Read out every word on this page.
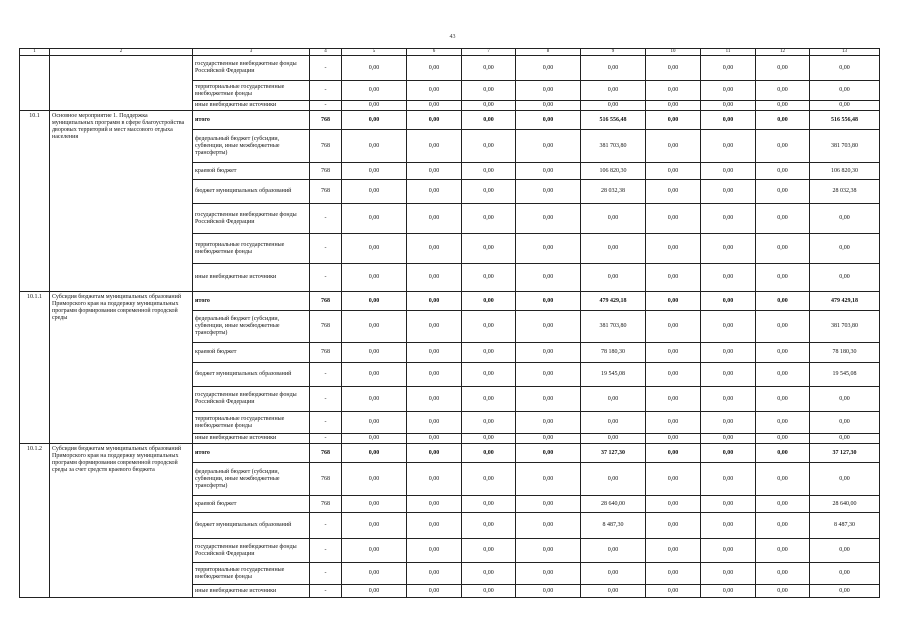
43
1	2	3	4	5	6	7	8	9	10	11	12	13
		государственные внебюджетные фонды Российской Федерации	-	0,00	0,00	0,00	0,00	0,00	0,00	0,00	0,00	0,00
		территориальные государственные внебюджетные фонды	-	0,00	0,00	0,00	0,00	0,00	0,00	0,00	0,00	0,00
		иные внебюджетные источники	-	0,00	0,00	0,00	0,00	0,00	0,00	0,00	0,00	0,00
10.1	Основное мероприятие 1. Поддержка муниципальных программ в сфере благоустройства дворовых территорий и мест массового отдыха населения	итого	768	0,00	0,00	0,00	0,00	516 556,48	0,00	0,00	0,00	516 556,48
		федеральный бюджет (субсидии, субвенции, иные межбюджетные трансферты)	768	0,00	0,00	0,00	0,00	381 703,80	0,00	0,00	0,00	381 703,80
		краевой бюджет	768	0,00	0,00	0,00	0,00	106 820,30	0,00	0,00	0,00	106 820,30
		бюджет муниципальных образований	768	0,00	0,00	0,00	0,00	28 032,38	0,00	0,00	0,00	28 032,38
		государственные внебюджетные фонды Российской Федерации	-	0,00	0,00	0,00	0,00	0,00	0,00	0,00	0,00	0,00
		территориальные государственные внебюджетные фонды	-	0,00	0,00	0,00	0,00	0,00	0,00	0,00	0,00	0,00
		иные внебюджетные источники	-	0,00	0,00	0,00	0,00	0,00	0,00	0,00	0,00	0,00
10.1.1	Субсидия бюджетам муниципальных образований Приморского края на поддержку муниципальных программ формирования современной городской среды	итого	768	0,00	0,00	0,00	0,00	479 429,18	0,00	0,00	0,00	479 429,18
		федеральный бюджет (субсидии, субвенции, иные межбюджетные трансферты)	768	0,00	0,00	0,00	0,00	381 703,80	0,00	0,00	0,00	381 703,80
		краевой бюджет	768	0,00	0,00	0,00	0,00	78 180,30	0,00	0,00	0,00	78 180,30
		бюджет муниципальных образований	-	0,00	0,00	0,00	0,00	19 545,08	0,00	0,00	0,00	19 545,08
		государственные внебюджетные фонды Российской Федерации	-	0,00	0,00	0,00	0,00	0,00	0,00	0,00	0,00	0,00
		территориальные государственные внебюджетные фонды	-	0,00	0,00	0,00	0,00	0,00	0,00	0,00	0,00	0,00
		иные внебюджетные источники	-	0,00	0,00	0,00	0,00	0,00	0,00	0,00	0,00	0,00
10.1.2	Субсидия бюджетам муниципальных образований Приморского края на поддержку муниципальных программ формирования современной городской среды за счет средств краевого бюджета	итого	768	0,00	0,00	0,00	0,00	37 127,30	0,00	0,00	0,00	37 127,30
		федеральный бюджет (субсидии, субвенции, иные межбюджетные трансферты)	768	0,00	0,00	0,00	0,00	0,00	0,00	0,00	0,00	0,00
		краевой бюджет	768	0,00	0,00	0,00	0,00	28 640,00	0,00	0,00	0,00	28 640,00
		бюджет муниципальных образований	-	0,00	0,00	0,00	0,00	8 487,30	0,00	0,00	0,00	8 487,30
		государственные внебюджетные фонды Российской Федерации	-	0,00	0,00	0,00	0,00	0,00	0,00	0,00	0,00	0,00
		территориальные государственные внебюджетные фонды	-	0,00	0,00	0,00	0,00	0,00	0,00	0,00	0,00	0,00
		иные внебюджетные источники	-	0,00	0,00	0,00	0,00	0,00	0,00	0,00	0,00	0,00
